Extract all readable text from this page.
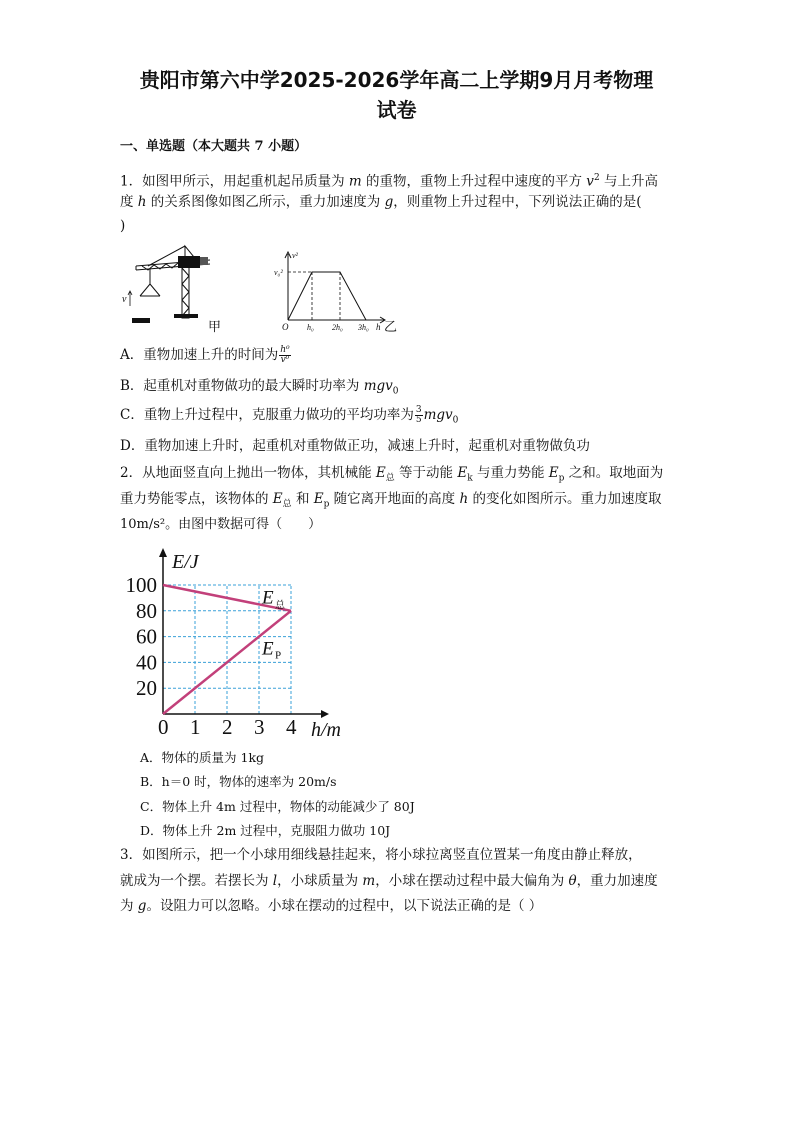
贵阳市第六中学2025-2026学年高二上学期9月月考物理
试卷
一、单选题（本大题共 7 小题）
1．如图甲所示，用起重机起吊质量为 m 的重物，重物上升过程中速度的平方 $v^2$ 与上升高
度 h 的关系图像如图乙所示，重力加速度为 g，则重物上升过程中，下列说法正确的是(
)
v
甲
v²
v₀²
O h₀ 2h₀ 3h₀ h 乙
A．重物加速上升的时间为 $\frac{\text{h⁰}}{\text{v⁰}}$
B．起重机对重物做功的最大瞬时功率为 mgv$_0$
C．重物上升过程中，克服重力做功的平均功率为 $\frac{3}{5} mgv_0$
D．重物加速上升时，起重机对重物做正功，减速上升时，起重机对重物做负功
2．从地面竖直向上抛出一物体，其机械能 $E_总$ 等于动能 $E_k$ 与重力势能 $E_p$ 之和。取地面为
重力势能零点，该物体的 $E_总$ 和 $E_p$ 随它离开地面的高度 h 的变化如图所示。重力加速度取
10m/s²。由图中数据可得（　　）
0 1 2 3 4
20
40
60
80
100
E/J
h/m
E 总
E P
A．物体的质量为 1kg
B．h＝0 时，物体的速率为 20m/s
C．物体上升 4m 过程中，物体的动能减少了 80J
D．物体上升 2m 过程中，克服阻力做功 10J
3．如图所示，把一个小球用细线悬挂起来，将小球拉离竖直位置某一角度由静止释放，
就成为一个摆。若摆长为 l，小球质量为 m，小球在摆动过程中最大偏角为 θ，重力加速度
为 g。设阻力可以忽略。小球在摆动的过程中，以下说法正确的是（ ）
